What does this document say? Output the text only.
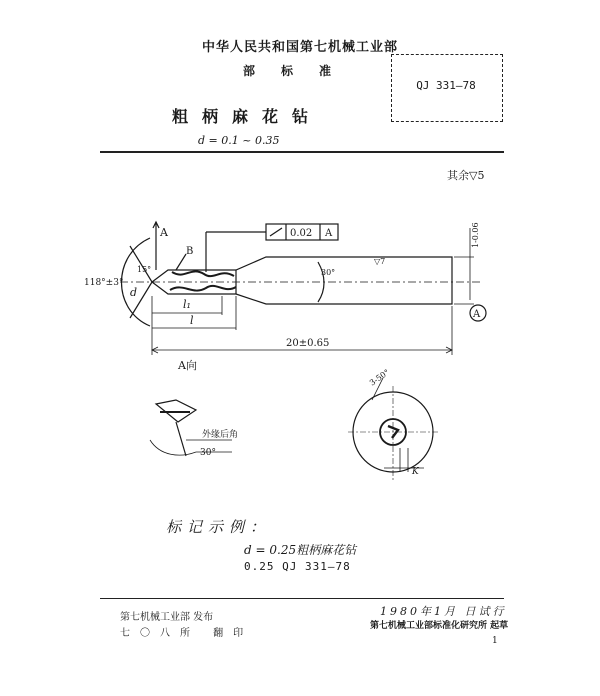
中华人民共和国第七机械工业部
部标准
QJ 331—78
粗柄麻花钻
d = 0.1 ~ 0.35
其余▽5
A
B
0.02 A
118°±3°
15°	30°
▽7
d
l₁
l
20±0.65
1-0.06
A
外缘后角
30°
3-50°
K
A向
标记示例：
d = 0.25粗柄麻花钻
0.25 QJ 331—78
第七机械工业部 发布
七〇八所 翻印
1980年1月 日试行
第七机械工业部标准化研究所 起草
1
